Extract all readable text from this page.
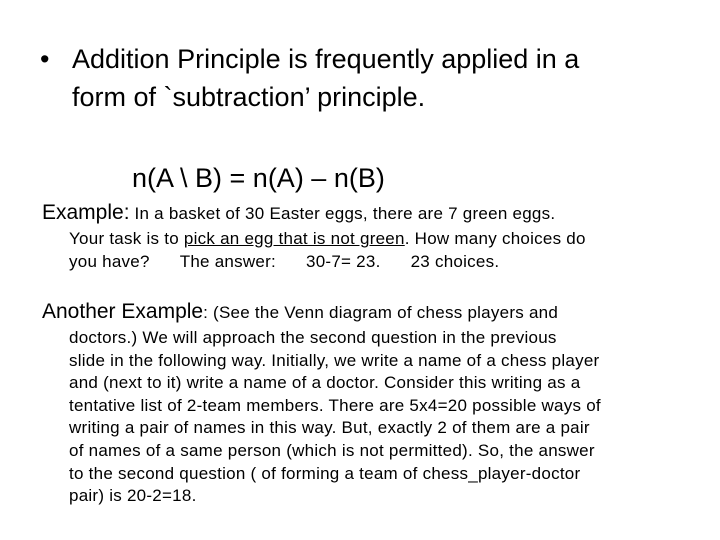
• Addition Principle is frequently applied in a
form of `subtraction’ principle.
n(A \ B) = n(A) – n(B)
Example: In a basket of 30 Easter eggs, there are 7 green eggs.
Your task is to pick an egg that is not green. How many choices do
you have? The answer: 30-7= 23. 23 choices.
Another Example: (See the Venn diagram of chess players and
doctors.) We will approach the second question in the previous
slide in the following way. Initially, we write a name of a chess player
and (next to it) write a name of a doctor. Consider this writing as a
tentative list of 2-team members. There are 5x4=20 possible ways of
writing a pair of names in this way. But, exactly 2 of them are a pair
of names of a same person (which is not permitted). So, the answer
to the second question ( of forming a team of chess_player-doctor
pair) is 20-2=18.
